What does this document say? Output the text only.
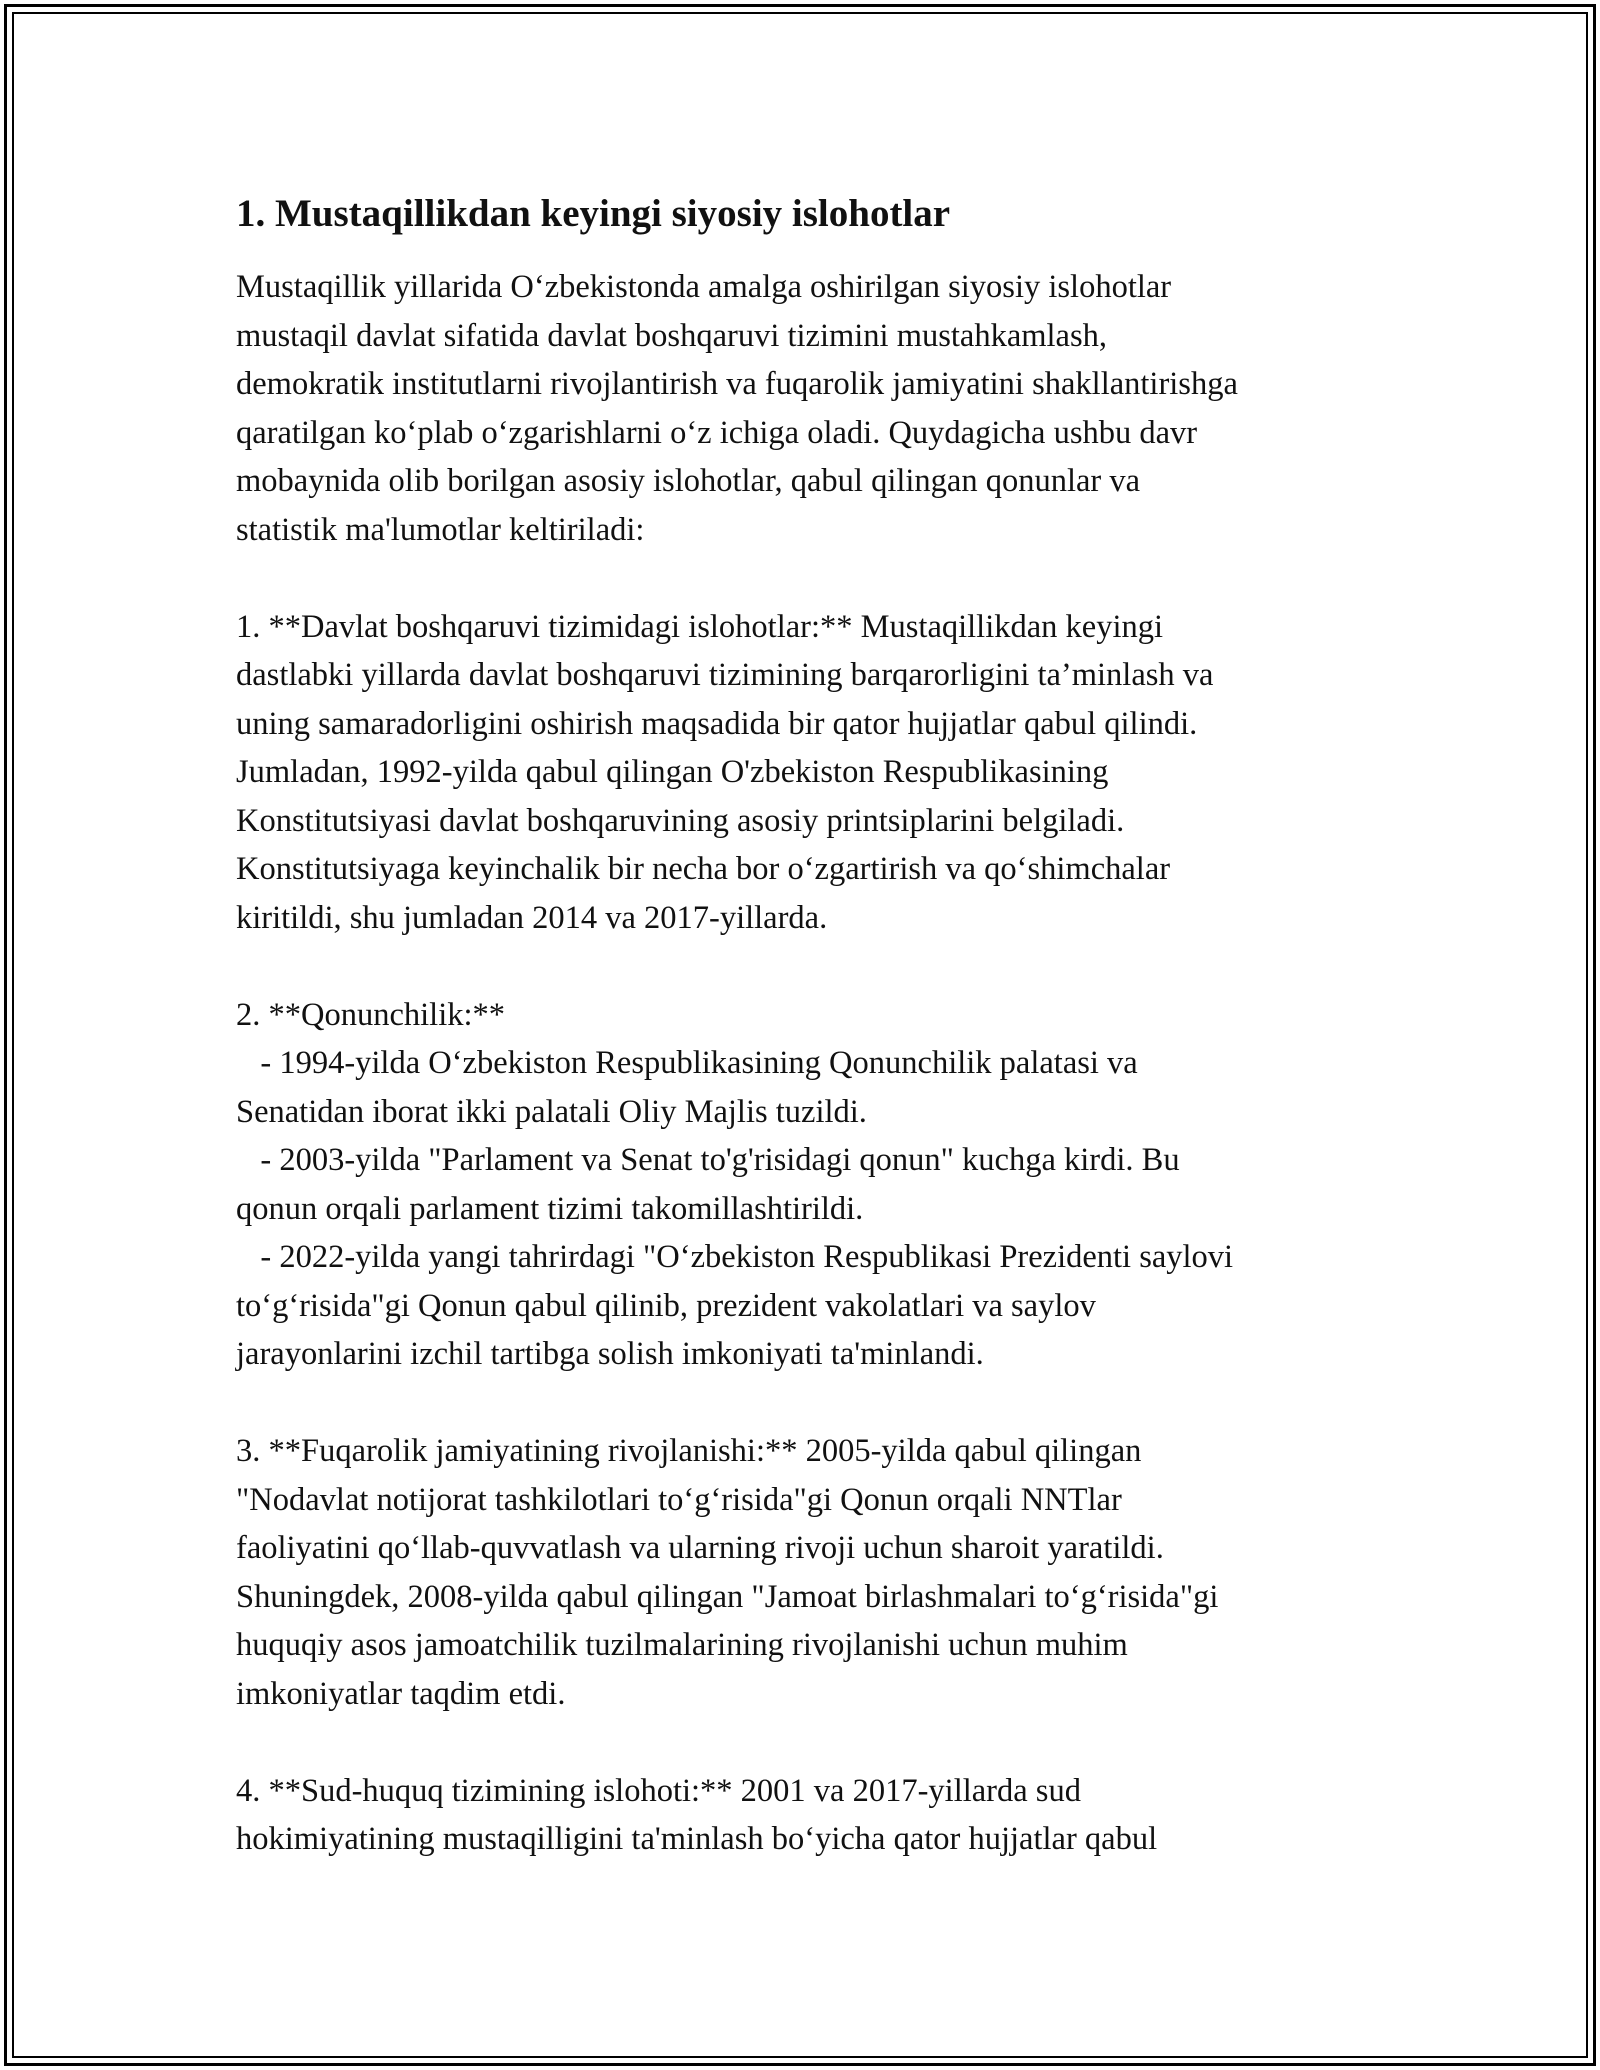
1. Mustaqillikdan keyingi siyosiy islohotlar
Mustaqillik yillarida O‘zbekistonda amalga oshirilgan siyosiy islohotlar
mustaqil davlat sifatida davlat boshqaruvi tizimini mustahkamlash,
demokratik institutlarni rivojlantirish va fuqarolik jamiyatini shakllantirishga
qaratilgan ko‘plab o‘zgarishlarni o‘z ichiga oladi. Quydagicha ushbu davr
mobaynida olib borilgan asosiy islohotlar, qabul qilingan qonunlar va
statistik ma'lumotlar keltiriladi:
1. **Davlat boshqaruvi tizimidagi islohotlar:** Mustaqillikdan keyingi
dastlabki yillarda davlat boshqaruvi tizimining barqarorligini ta’minlash va
uning samaradorligini oshirish maqsadida bir qator hujjatlar qabul qilindi.
Jumladan, 1992-yilda qabul qilingan O'zbekiston Respublikasining
Konstitutsiyasi davlat boshqaruvining asosiy printsiplarini belgiladi.
Konstitutsiyaga keyinchalik bir necha bor o‘zgartirish va qo‘shimchalar
kiritildi, shu jumladan 2014 va 2017-yillarda.
2. **Qonunchilik:**
- 1994-yilda O‘zbekiston Respublikasining Qonunchilik palatasi va
Senatidan iborat ikki palatali Oliy Majlis tuzildi.
- 2003-yilda "Parlament va Senat to'g'risidagi qonun" kuchga kirdi. Bu
qonun orqali parlament tizimi takomillashtirildi.
- 2022-yilda yangi tahrirdagi "O‘zbekiston Respublikasi Prezidenti saylovi
to‘g‘risida"gi Qonun qabul qilinib, prezident vakolatlari va saylov
jarayonlarini izchil tartibga solish imkoniyati ta'minlandi.
3. **Fuqarolik jamiyatining rivojlanishi:** 2005-yilda qabul qilingan
"Nodavlat notijorat tashkilotlari to‘g‘risida"gi Qonun orqali NNTlar
faoliyatini qo‘llab-quvvatlash va ularning rivoji uchun sharoit yaratildi.
Shuningdek, 2008-yilda qabul qilingan "Jamoat birlashmalari to‘g‘risida"gi
huquqiy asos jamoatchilik tuzilmalarining rivojlanishi uchun muhim
imkoniyatlar taqdim etdi.
4. **Sud-huquq tizimining islohoti:** 2001 va 2017-yillarda sud
hokimiyatining mustaqilligini ta'minlash bo‘yicha qator hujjatlar qabul
